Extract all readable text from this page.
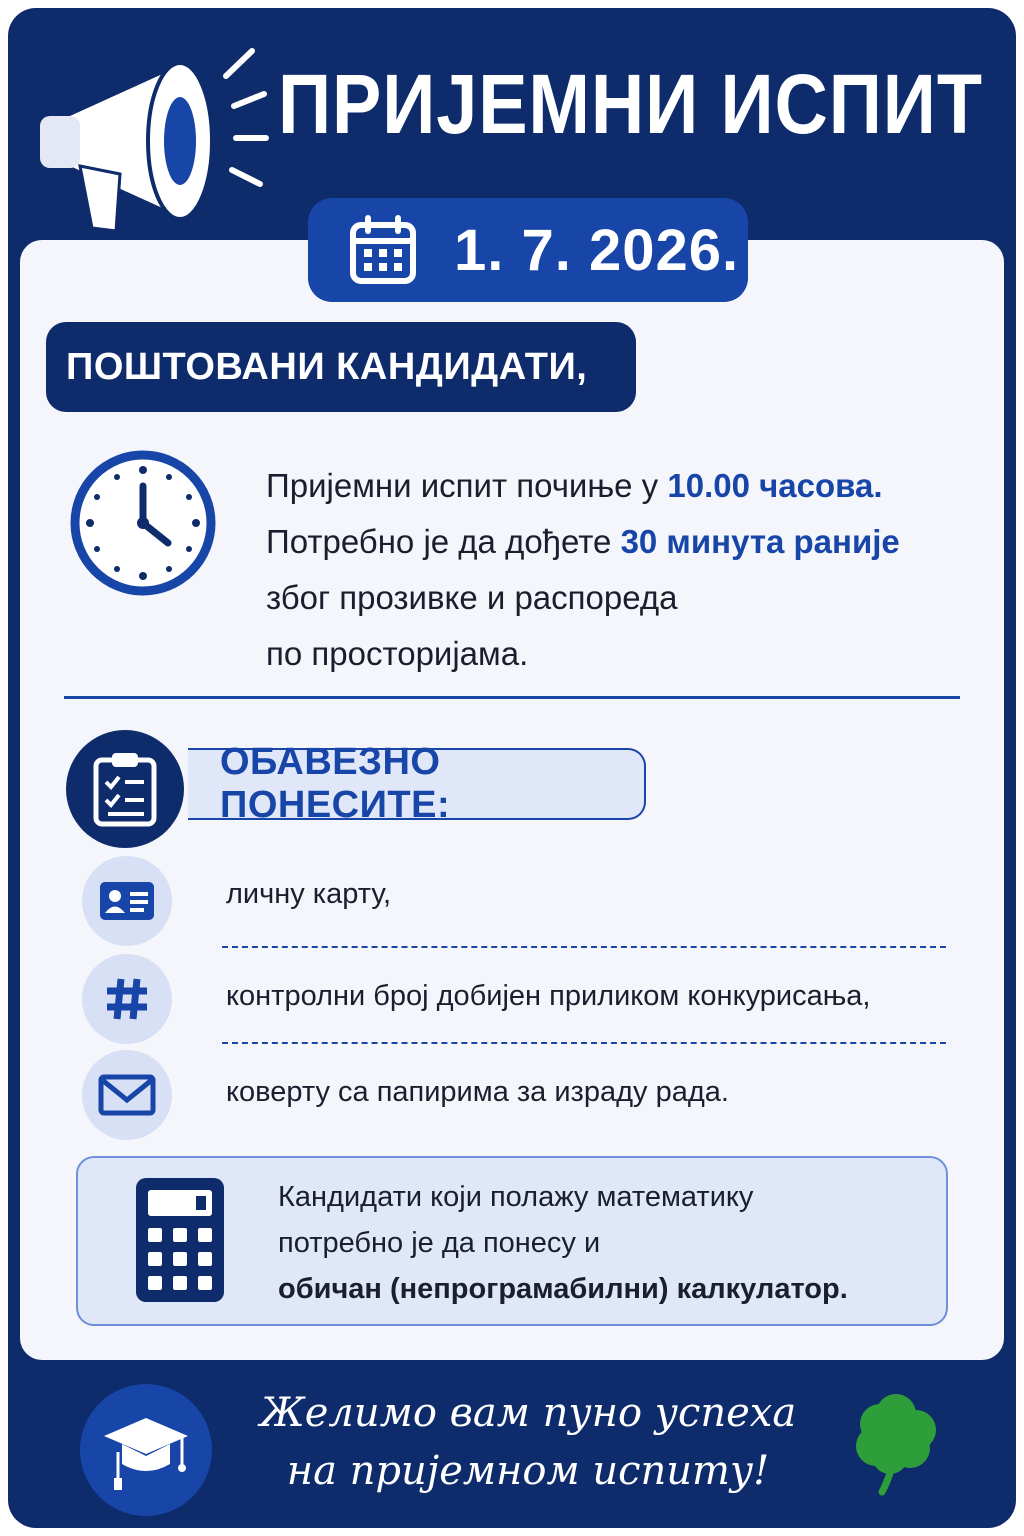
ПРИЈЕМНИ ИСПИТ
1. 7. 2026.
ПОШТОВАНИ КАНДИДАТИ,
Пријемни испит почиње у 10.00 часова.
Потребно је да дођете 30 минута раније
због прозивке и распореда
по просторијама.
ОБАВЕЗНО ПОНЕСИТЕ:
личну карту,
контролни број добијен приликом конкурисања,
коверту са папирима за израду рада.
Кандидати који полажу математику
потребно је да понесу и
обичан (непрограмабилни) калкулатор.
Желимо вам пуно успеха
на пријемном испиту!
